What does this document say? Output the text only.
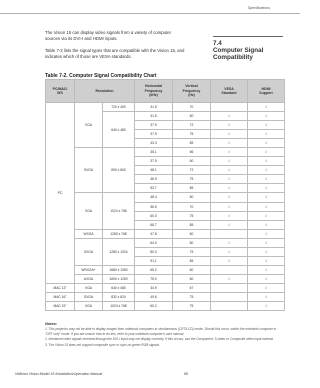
Specifications

The Vision 15 can display video signals from a variety of computer sources via its DVI-I and HDMI inputs.

Table 7-2 lists the signal types that are compatible with the Vision 15, and indicates which of those are VESA standards.

7.4
Computer Signal
Compatibility

Table 7-2. Computer Signal Compatibility Chart

PC/MAC/
WS	Resolution		Horizontal
Frequency
(kHz)	Vertical
Frequency
(Hz)	VESA
Standard	HDMI
Support
PC	VGA	720 x 400	31.5	70		√
		640 x 480	31.5	60	√	√
			37.9	72	√	√
			37.5	75	√	√
			43.3	85	√	√
	SVGA	800 x 600	35.1	56	√	√
			37.9	60	√	√
			48.1	72	√	√
			46.9	75	√	√
			53.7	85	√	√
	XGA	1024 x 768	48.4	60	√	√
			56.5	70	√	√
			60.0	75	√	√
			68.7	85	√	√
	WXGA	1280 x 768	47.8	60		√
	SXGA	1280 x 1024	64.0	60	√	√
			80.0	75	√	√
			91.1	85	√	√
	WSXGA+	1680 x 1050	65.2	60		√
	UXGA	1600 x 1200	75.0	60	√	√
MAC 13"	VGA	640 x 480	34.9	67		√
MAC 16"	SVGA	832 x 624	49.6	75		√
MAC 19"	XGA	1024 x 768	60.2	75		√
Notes:
1. This projector may not be able to display images from notebook computers in simultaneous (CRT/LCD) mode. Should this occur, switch the notebook computer to "CRT only" mode. If you are unsure how to do this, refer to your notebook computer's user manual.
2. Interlaced video signals received through the DVI-I input may not display correctly. If this occurs, use the Component, S-video or Composite video input instead.
3. The Vision 15 does not support composite sync or sync-on-green RGB signals.
Vidikron Vision Model 15 Installation/Operation Manual	65
